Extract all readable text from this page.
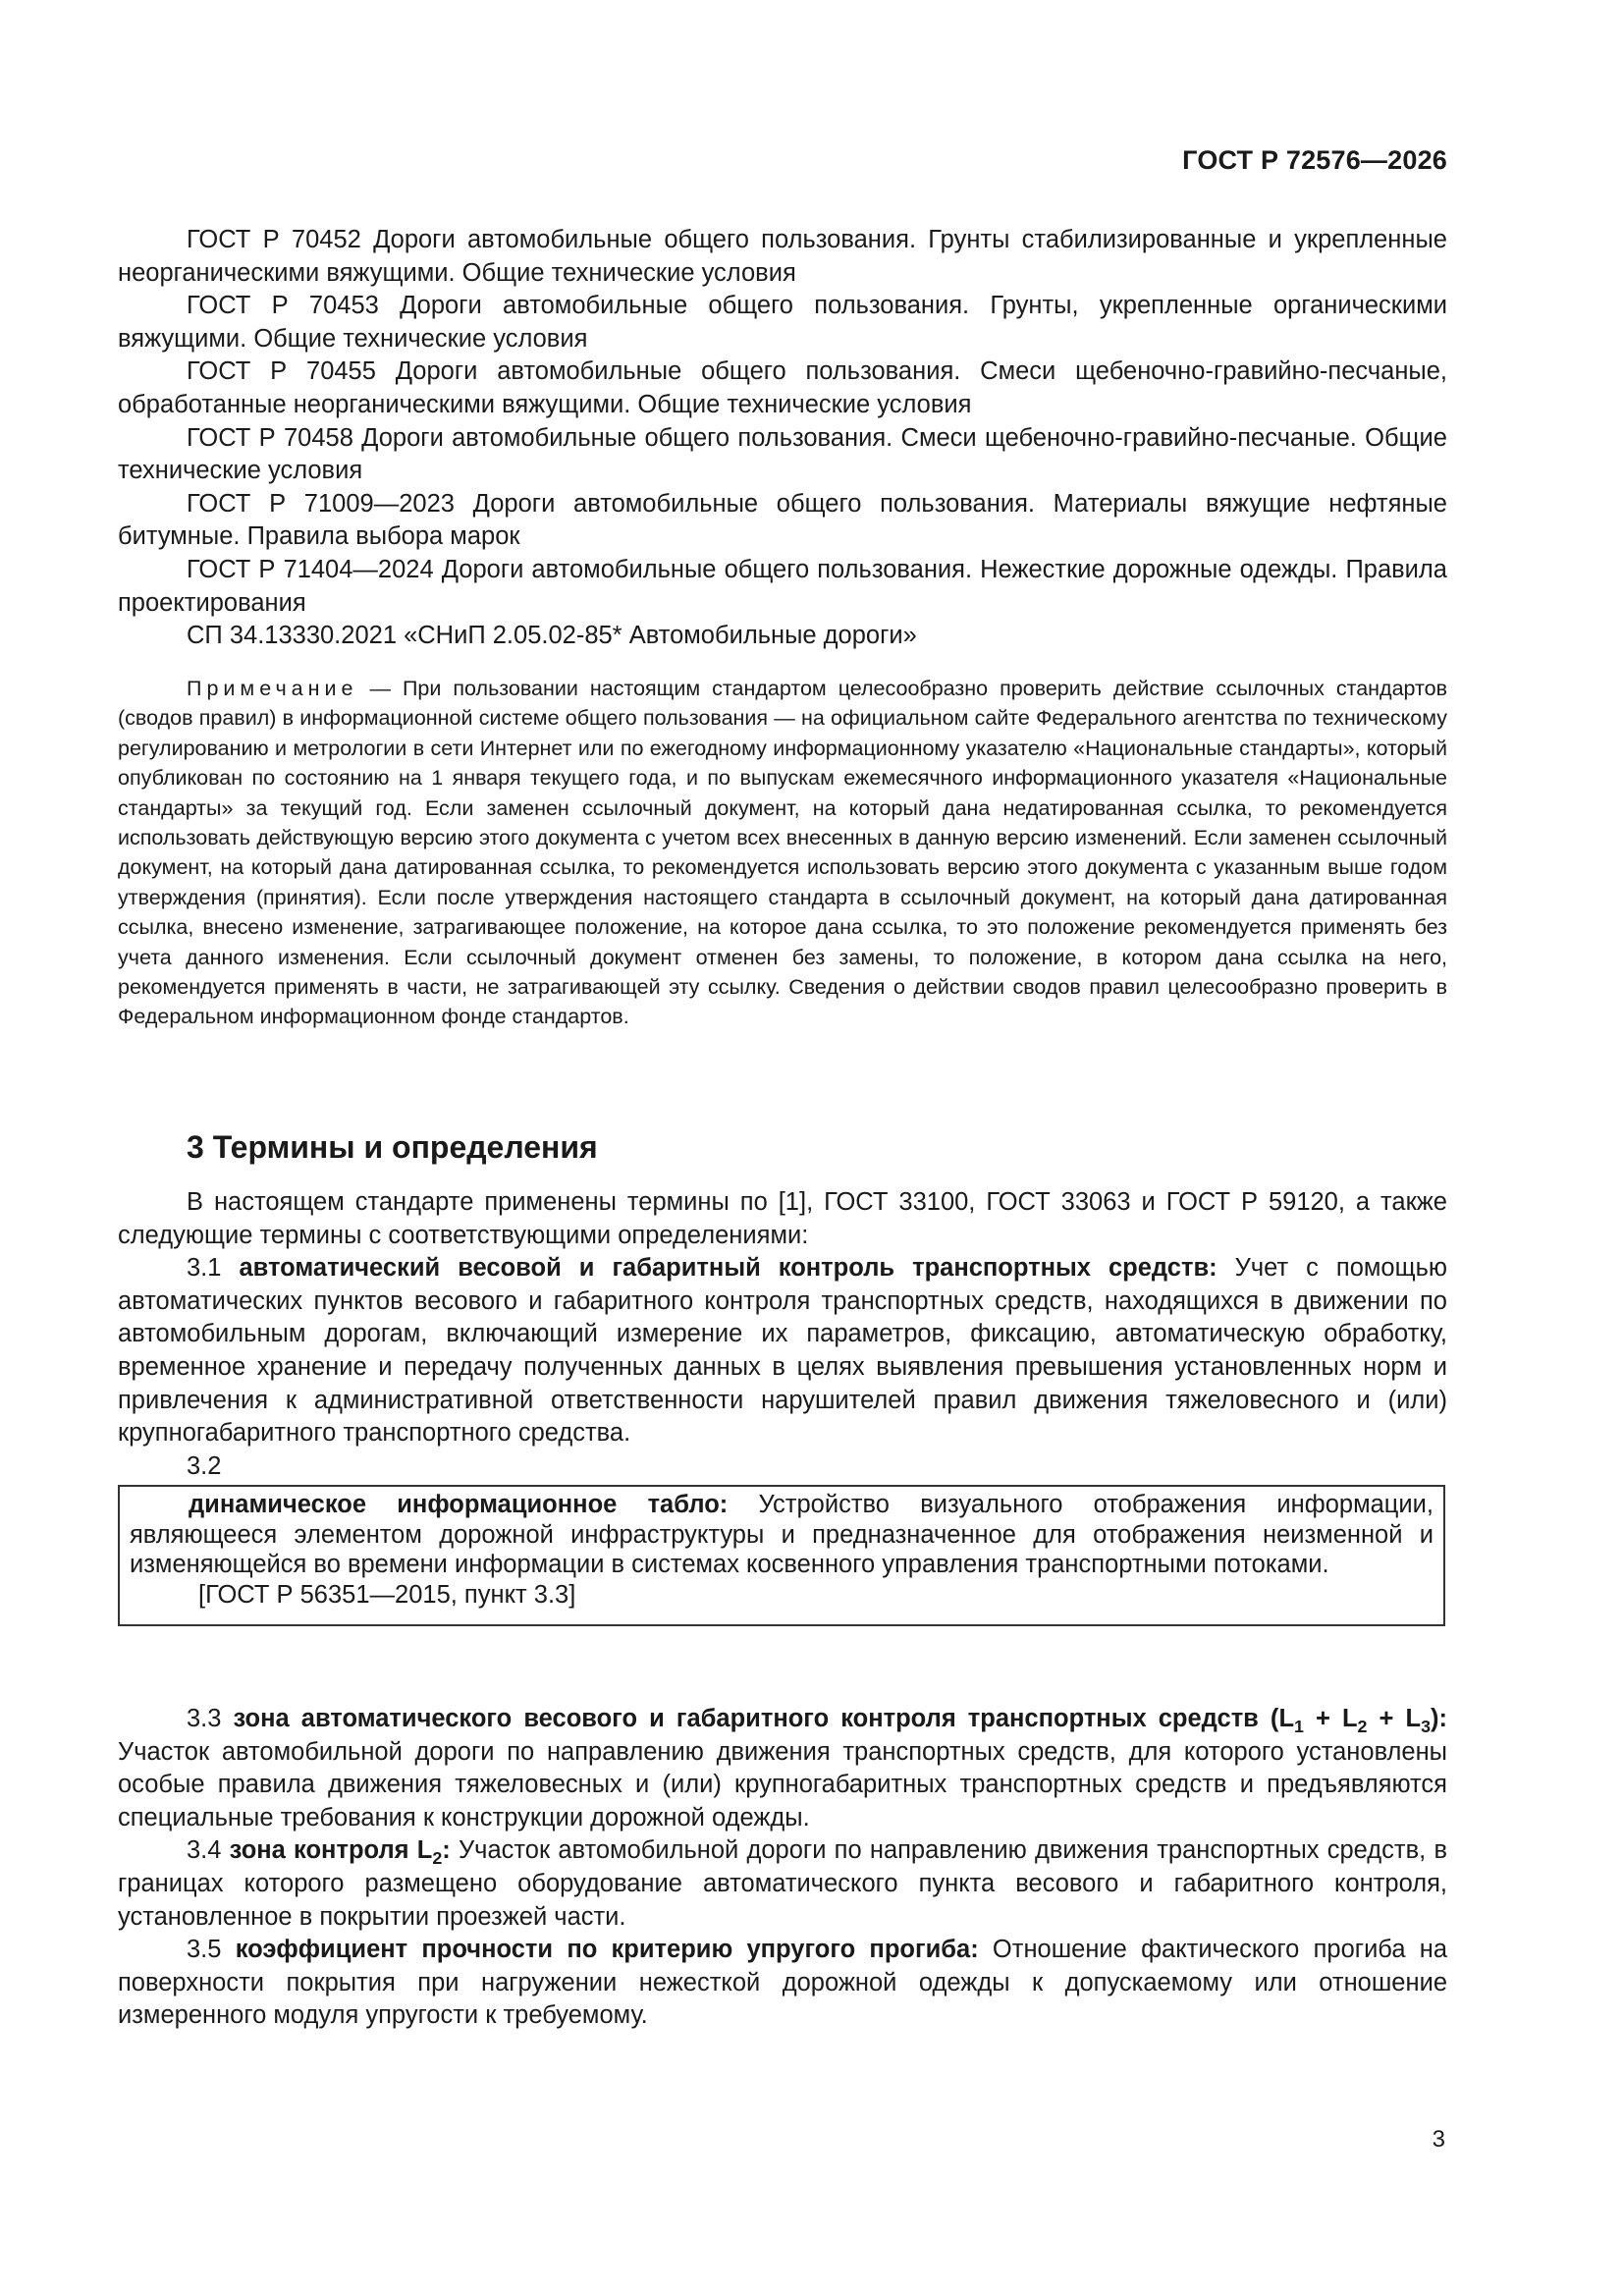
ГОСТ Р 72576—2026

ГОСТ Р 70452 Дороги автомобильные общего пользования. Грунты стабилизированные и укрепленные неорганическими вяжущими. Общие технические условия

ГОСТ Р 70453 Дороги автомобильные общего пользования. Грунты, укрепленные органическими вяжущими. Общие технические условия

ГОСТ Р 70455 Дороги автомобильные общего пользования. Смеси щебеночно-гравийно-песчаные, обработанные неорганическими вяжущими. Общие технические условия

ГОСТ Р 70458 Дороги автомобильные общего пользования. Смеси щебеночно-гравийно-песчаные. Общие технические условия

ГОСТ Р 71009—2023 Дороги автомобильные общего пользования. Материалы вяжущие нефтяные битумные. Правила выбора марок

ГОСТ Р 71404—2024 Дороги автомобильные общего пользования. Нежесткие дорожные одежды. Правила проектирования

СП 34.13330.2021 «СНиП 2.05.02-85* Автомобильные дороги»

Примечание — При пользовании настоящим стандартом целесообразно проверить действие ссылочных стандартов (сводов правил) в информационной системе общего пользования — на официальном сайте Федерального агентства по техническому регулированию и метрологии в сети Интернет или по ежегодному информационному указателю «Национальные стандарты», который опубликован по состоянию на 1 января текущего года, и по выпускам ежемесячного информационного указателя «Национальные стандарты» за текущий год. Если заменен ссылочный документ, на который дана недатированная ссылка, то рекомендуется использовать действующую версию этого документа с учетом всех внесенных в данную версию изменений. Если заменен ссылочный документ, на который дана датированная ссылка, то рекомендуется использовать версию этого документа с указанным выше годом утверждения (принятия). Если после утверждения настоящего стандарта в ссылочный документ, на который дана датированная ссылка, внесено изменение, затрагивающее положение, на которое дана ссылка, то это положение рекомендуется применять без учета данного изменения. Если ссылочный документ отменен без замены, то положение, в котором дана ссылка на него, рекомендуется применять в части, не затрагивающей эту ссылку. Сведения о действии сводов правил целесообразно проверить в Федеральном информационном фонде стандартов.

3 Термины и определения

В настоящем стандарте применены термины по [1], ГОСТ 33100, ГОСТ 33063 и ГОСТ Р 59120, а также следующие термины с соответствующими определениями:

3.1 автоматический весовой и габаритный контроль транспортных средств: Учет с помощью автоматических пунктов весового и габаритного контроля транспортных средств, находящихся в движении по автомобильным дорогам, включающий измерение их параметров, фиксацию, автоматическую обработку, временное хранение и передачу полученных данных в целях выявления превышения установленных норм и привлечения к административной ответственности нарушителей правил движения тяжеловесного и (или) крупногабаритного транспортного средства.

3.2

динамическое информационное табло: Устройство визуального отображения информации, являющееся элементом дорожной инфраструктуры и предназначенное для отображения неизменной и изменяющейся во времени информации в системах косвенного управления транспортными потоками.

[ГОСТ Р 56351—2015, пункт 3.3]

3.3 зона автоматического весового и габаритного контроля транспортных средств $(L_1 + L_2 + L_3)$: Участок автомобильной дороги по направлению движения транспортных средств, для которого установлены особые правила движения тяжеловесных и (или) крупногабаритных транспортных средств и предъявляются специальные требования к конструкции дорожной одежды.

3.4 зона контроля $L_2$: Участок автомобильной дороги по направлению движения транспортных средств, в границах которого размещено оборудование автоматического пункта весового и габаритного контроля, установленное в покрытии проезжей части.

3.5 коэффициент прочности по критерию упругого прогиба: Отношение фактического прогиба на поверхности покрытия при нагружении нежесткой дорожной одежды к допускаемому или отношение измеренного модуля упругости к требуемому.

3
